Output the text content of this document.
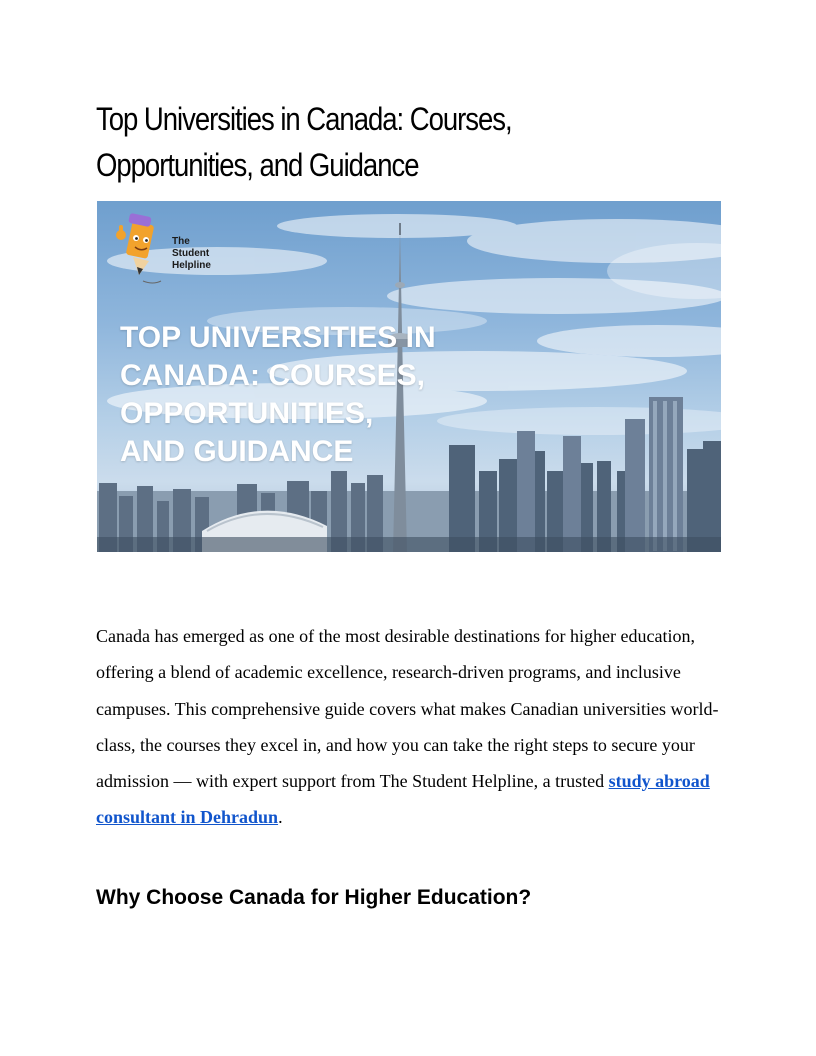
Top Universities in Canada: Courses,
Opportunities, and Guidance
The
Student
Helpline
TOP UNIVERSITIES IN
CANADA: COURSES,
OPPORTUNITIES,
AND GUIDANCE

Canada has emerged as one of the most desirable destinations for higher education, offering a blend of academic excellence, research-driven programs, and inclusive campuses. This comprehensive guide covers what makes Canadian universities world-class, the courses they excel in, and how you can take the right steps to secure your admission — with expert support from The Student Helpline, a trusted study abroad consultant in Dehradun.

Why Choose Canada for Higher Education?
